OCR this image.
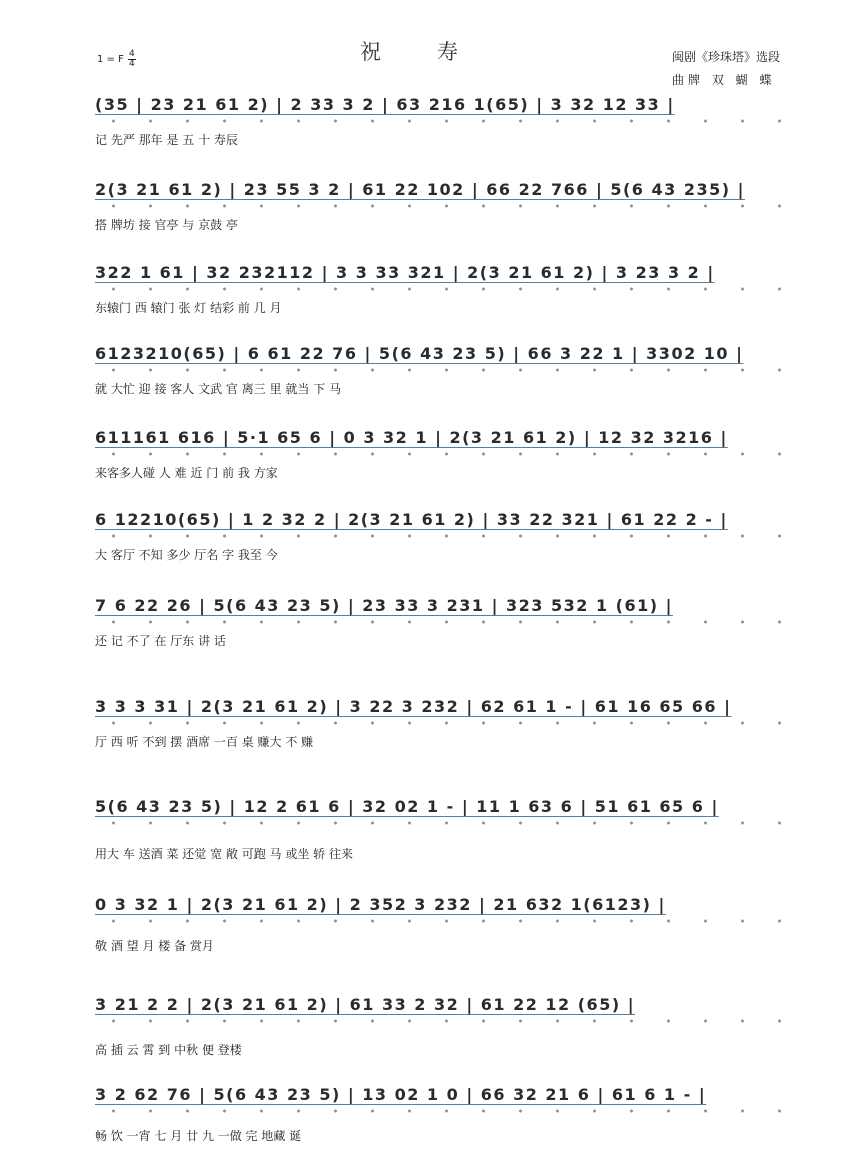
1 = F 4
4	祝寿	闽剧《珍珠塔》选段
曲牌 双 蝴 蝶
(35 | 23 21 61 2) | 2 33 3 2 | 63 216 1(65) | 3 32 12 33 |
记 先严 那年 是 五 十 寿辰
2(3 21 61 2) | 23 55 3 2 | 61 22 102 | 66 22 766 | 5(6 43 235) |
搭 牌坊 接 官亭 与 京鼓 亭
322 1 61 | 32 232112 | 3 3 33 321 | 2(3 21 61 2) | 3 23 3 2 |
东辕门 西 辕门 张 灯 结彩 前 几 月
6123210(65) | 6 61 22 76 | 5(6 43 23 5) | 66 3 22 1 | 3302 10 |
就 大忙 迎 接 客人 文武 官 离三 里 就当 下 马
611161 616 | 5·1 65 6 | 0 3 32 1 | 2(3 21 61 2) | 12 32 3216 |
来客多人碰 人 难 近 门 前 我 方家
6 12210(65) | 1 2 32 2 | 2(3 21 61 2) | 33 22 321 | 61 22 2 - |
大 客厅 不知 多少 厅名 字 我至 今
7 6 22 26 | 5(6 43 23 5) | 23 33 3 231 | 323 532 1 (61) |
还 记 不了 在 厅东 讲 话
3 3 3 31 | 2(3 21 61 2) | 3 22 3 232 | 62 61 1 - | 61 16 65 66 |
厅 西 听 不到 摆 酒席 一百 桌 赚大 不 赚
5(6 43 23 5) | 12 2 61 6 | 32 02 1 - | 11 1 63 6 | 51 61 65 6 |
用大 车 送酒 菜 还觉 宽 敞 可跑 马 或坐 轿 往来
0 3 32 1 | 2(3 21 61 2) | 2 352 3 232 | 21 632 1(6123) |
敬 酒 望 月 楼 备 赏月
3 21 2 2 | 2(3 21 61 2) | 61 33 2 32 | 61 22 12 (65) |
高 插 云 霄 到 中秋 便 登楼
3 2 62 76 | 5(6 43 23 5) | 13 02 1 0 | 66 32 21 6 | 61 6 1 - |
畅 饮 一宵 七 月 廿 九 一做 完 地藏 诞
